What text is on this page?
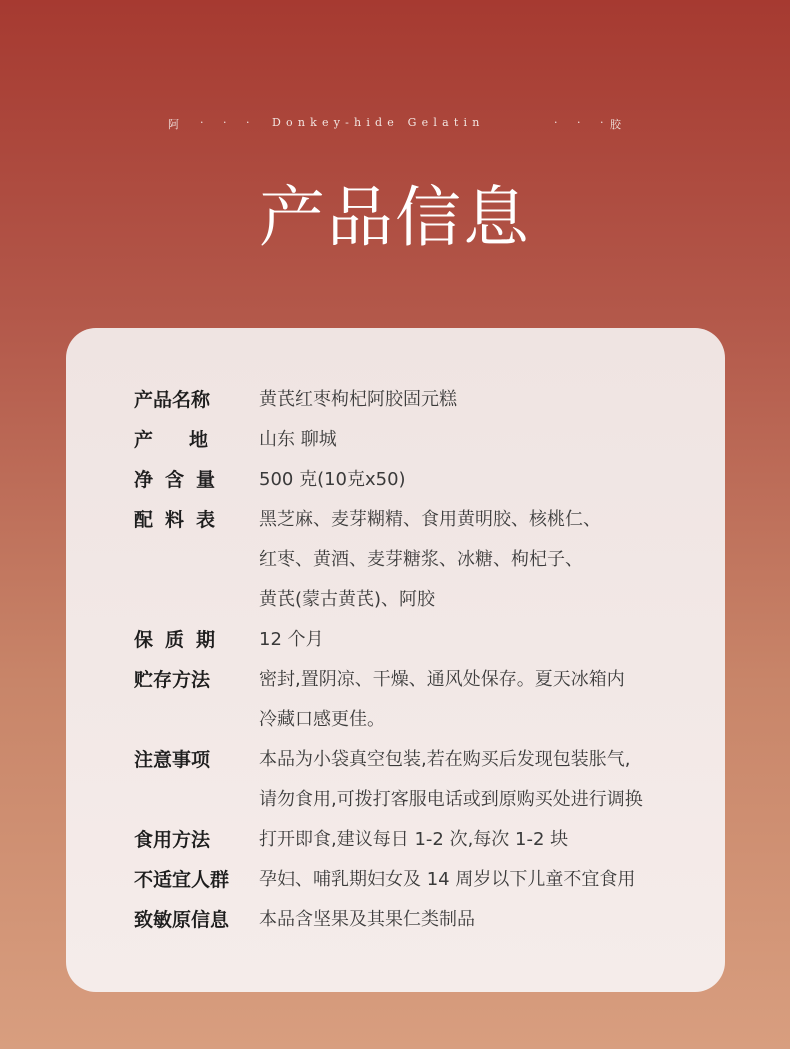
阿 · · · Donkey-hide Gelatin	· · ·
胶
产品信息
产品名称	黄芪红枣枸杞阿胶固元糕
产地 山东 聊城
净含量	500 克(10克x50)
配料表	黑芝麻、麦芽糊精、食用黄明胶、核桃仁、
红枣、黄酒、麦芽糖浆、冰糖、枸杞子、
黄芪(蒙古黄芪)、阿胶
保质期	12 个月
贮存方法	密封,置阴凉、干燥、通风处保存。夏天冰箱内
冷藏口感更佳。
注意事项	本品为小袋真空包装,若在购买后发现包装胀气,
请勿食用,可拨打客服电话或到原购买处进行调换
食用方法	打开即食,建议每日 1-2 次,每次 1-2 块
不适宜人群	孕妇、哺乳期妇女及 14 周岁以下儿童不宜食用
致敏原信息	本品含坚果及其果仁类制品
